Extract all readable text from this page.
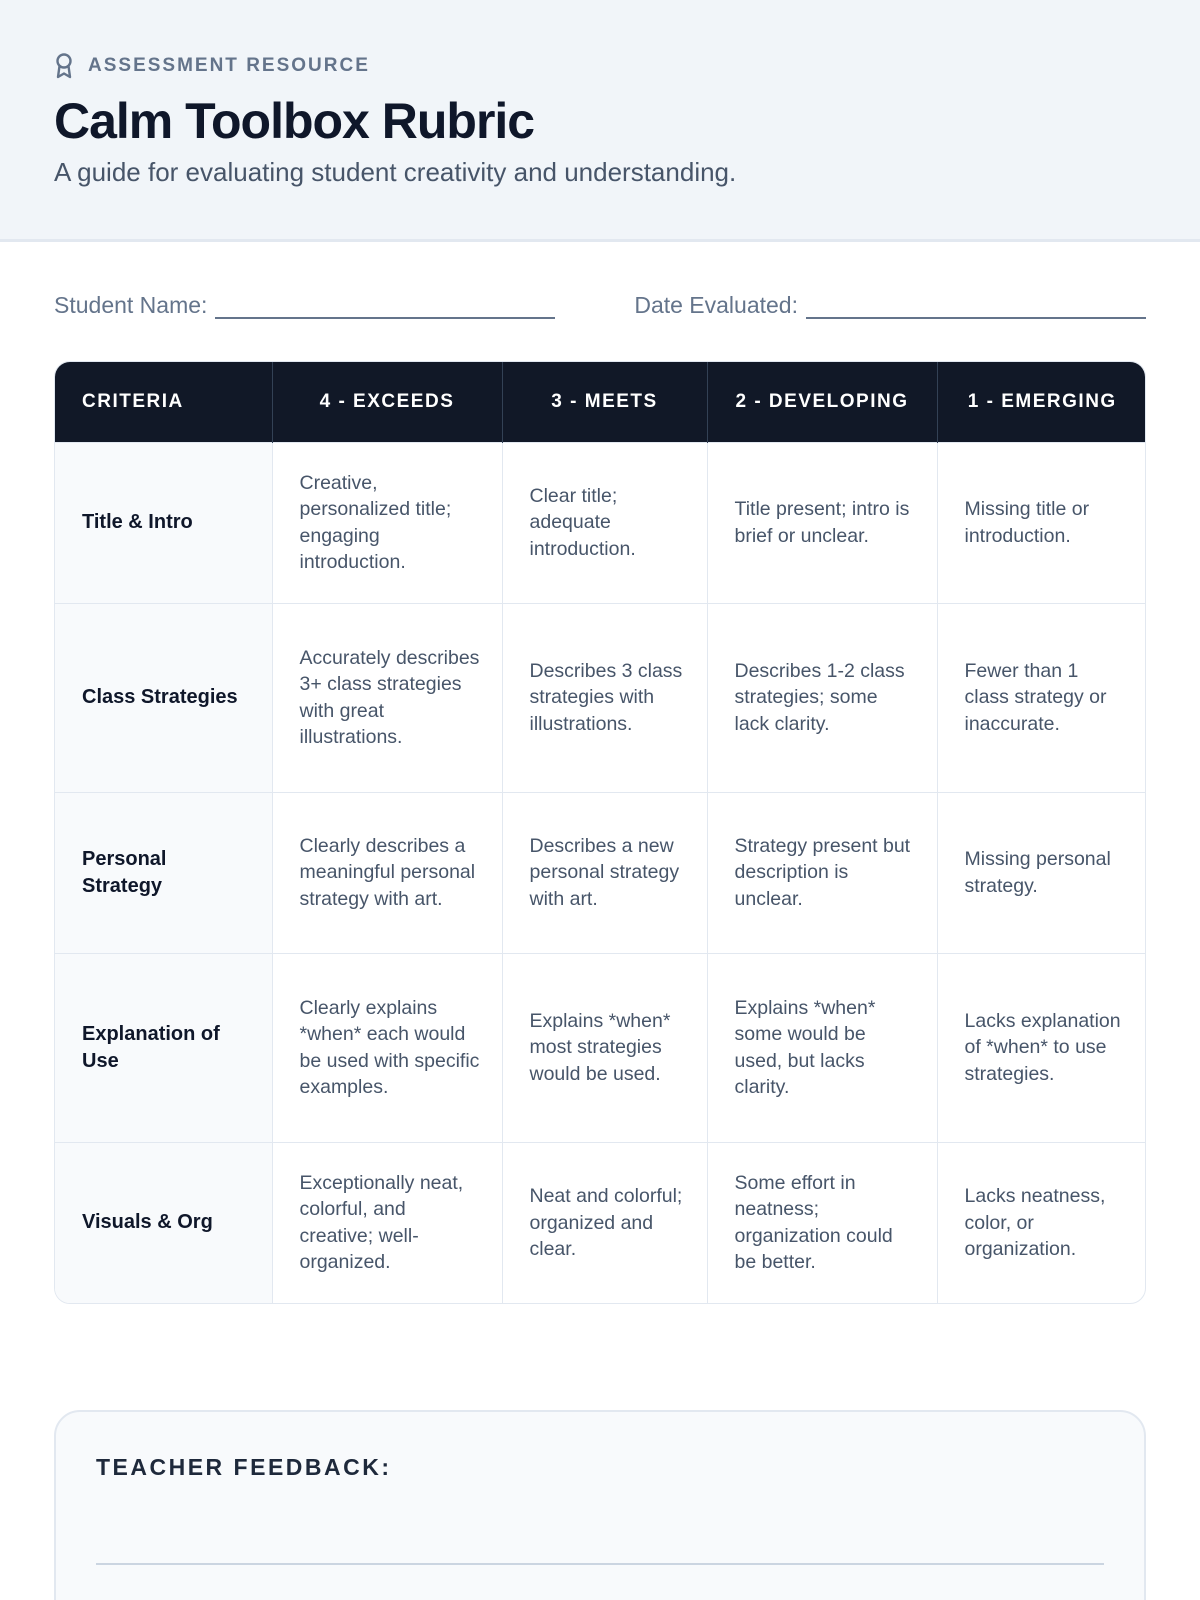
ASSESSMENT RESOURCE
Calm Toolbox Rubric

A guide for evaluating student creativity and understanding.

Student Name:	Date Evaluated:
CRITERIA	4 - EXCEEDS	3 - MEETS	2 - DEVELOPING	1 - EMERGING
Title & Intro	Creative, personalized title; engaging introduction.	Clear title; adequate introduction.	Title present; intro is brief or unclear.	Missing title or introduction.
Class Strategies	Accurately describes 3+ class strategies with great illustrations.	Describes 3 class strategies with illustrations.	Describes 1-2 class strategies; some lack clarity.	Fewer than 1 class strategy or inaccurate.
Personal Strategy	Clearly describes a meaningful personal strategy with art.	Describes a new personal strategy with art.	Strategy present but description is unclear.	Missing personal strategy.
Explanation of Use	Clearly explains *when* each would be used with specific examples.	Explains *when* most strategies would be used.	Explains *when* some would be used, but lacks clarity.	Lacks explanation of *when* to use strategies.
Visuals & Org	Exceptionally neat, colorful, and creative; well-organized.	Neat and colorful; organized and clear.	Some effort in neatness; organization could be better.	Lacks neatness, color, or organization.
TEACHER FEEDBACK:
